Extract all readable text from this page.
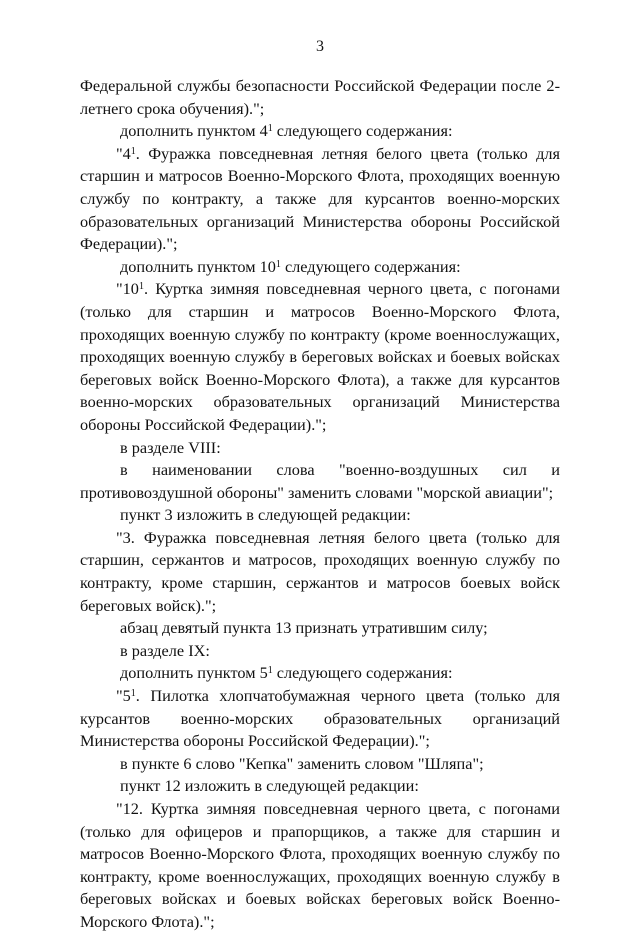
3

Федеральной службы безопасности Российской Федерации после 2-летнего срока обучения).";

дополнить пунктом $4^1$ следующего содержания:

"$4^1$. Фуражка повседневная летняя белого цвета (только для старшин и матросов Военно-Морского Флота, проходящих военную службу по контракту, а также для курсантов военно-морских образовательных организаций Министерства обороны Российской Федерации).";

дополнить пунктом $10^1$ следующего содержания:

"$10^1$. Куртка зимняя повседневная черного цвета, с погонами (только для старшин и матросов Военно-Морского Флота, проходящих военную службу по контракту (кроме военнослужащих, проходящих военную службу в береговых войсках и боевых войсках береговых войск Военно-Морского Флота), а также для курсантов военно-морских образовательных организаций Министерства обороны Российской Федерации).";

в разделе VIII:

в наименовании слова "военно-воздушных сил и противовоздушной обороны" заменить словами "морской авиации";

пункт 3 изложить в следующей редакции:

"3. Фуражка повседневная летняя белого цвета (только для старшин, сержантов и матросов, проходящих военную службу по контракту, кроме старшин, сержантов и матросов боевых войск береговых войск).";

абзац девятый пункта 13 признать утратившим силу;

в разделе IX:

дополнить пунктом $5^1$ следующего содержания:

"$5^1$. Пилотка хлопчатобумажная черного цвета (только для курсантов военно-морских образовательных организаций Министерства обороны Российской Федерации).";

в пункте 6 слово "Кепка" заменить словом "Шляпа";

пункт 12 изложить в следующей редакции:

"12. Куртка зимняя повседневная черного цвета, с погонами (только для офицеров и прапорщиков, а также для старшин и матросов Военно-Морского Флота, проходящих военную службу по контракту, кроме военнослужащих, проходящих военную службу в береговых войсках и боевых войсках береговых войск Военно-Морского Флота).";
